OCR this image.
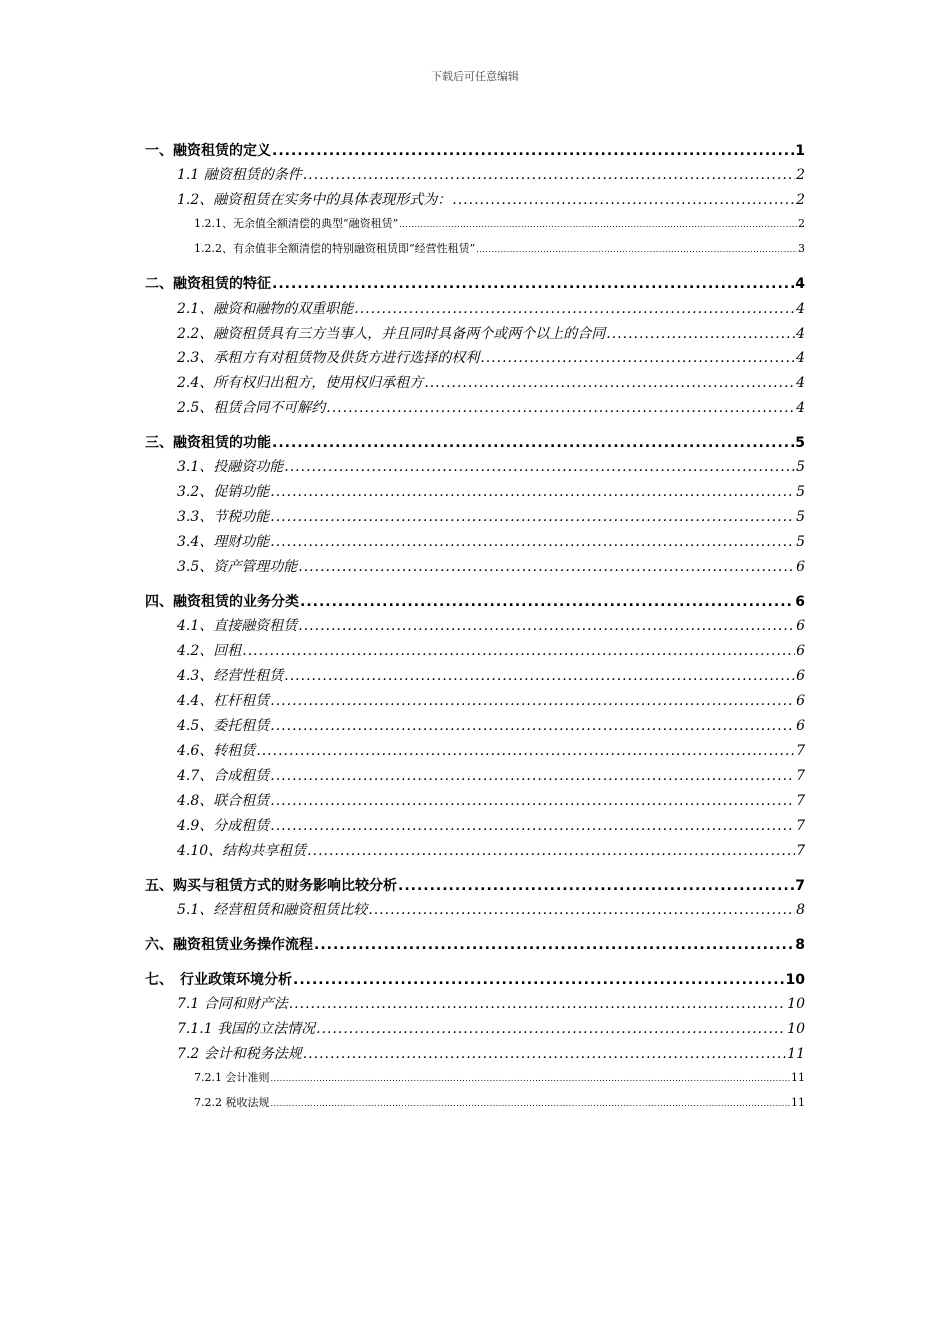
下载后可任意编辑
一、融资租赁的定义 .....	1
1.1 融资租赁的条件 .....	2
1.2、融资租赁在实务中的具体表现形式为： .....	2
1.2.1、无余值全额清偿的典型“融资租赁” .....	2
1.2.2、有余值非全额清偿的特别融资租赁即“经营性租赁” .....	3
二、融资租赁的特征 .....	4
2.1、融资和融物的双重职能 .....	4
2.2、融资租赁具有三方当事人，并且同时具备两个或两个以上的合同 .....	4
2.3、承租方有对租赁物及供货方进行选择的权利 .....	4
2.4、所有权归出租方，使用权归承租方 .....	4
2.5、租赁合同不可解约 .....	4
三、融资租赁的功能 .....	5
3.1、投融资功能 .....	5
3.2、促销功能 .....	5
3.3、节税功能 .....	5
3.4、理财功能 .....	5
3.5、资产管理功能 .....	6
四、融资租赁的业务分类 .....	6
4.1、直接融资租赁 .....	6
4.2、回租 .....	6
4.3、经营性租赁 .....	6
4.4、杠杆租赁 .....	6
4.5、委托租赁 .....	6
4.6、转租赁 .....	7
4.7、合成租赁 .....	7
4.8、联合租赁 .....	7
4.9、分成租赁 .....	7
4.10、结构共享租赁 .....	7
五、购买与租赁方式的财务影响比较分析 .....	7
5.1、经营租赁和融资租赁比较 .....	8
六、融资租赁业务操作流程 .....	8
七、　行业政策环境分析 .....	10
7.1 合同和财产法 .....	10
7.1.1 我国的立法情况 .....	10
7.2 会计和税务法规 .....	11
7.2.1 会计准则 .....	11
7.2.2 税收法规 .....	11
